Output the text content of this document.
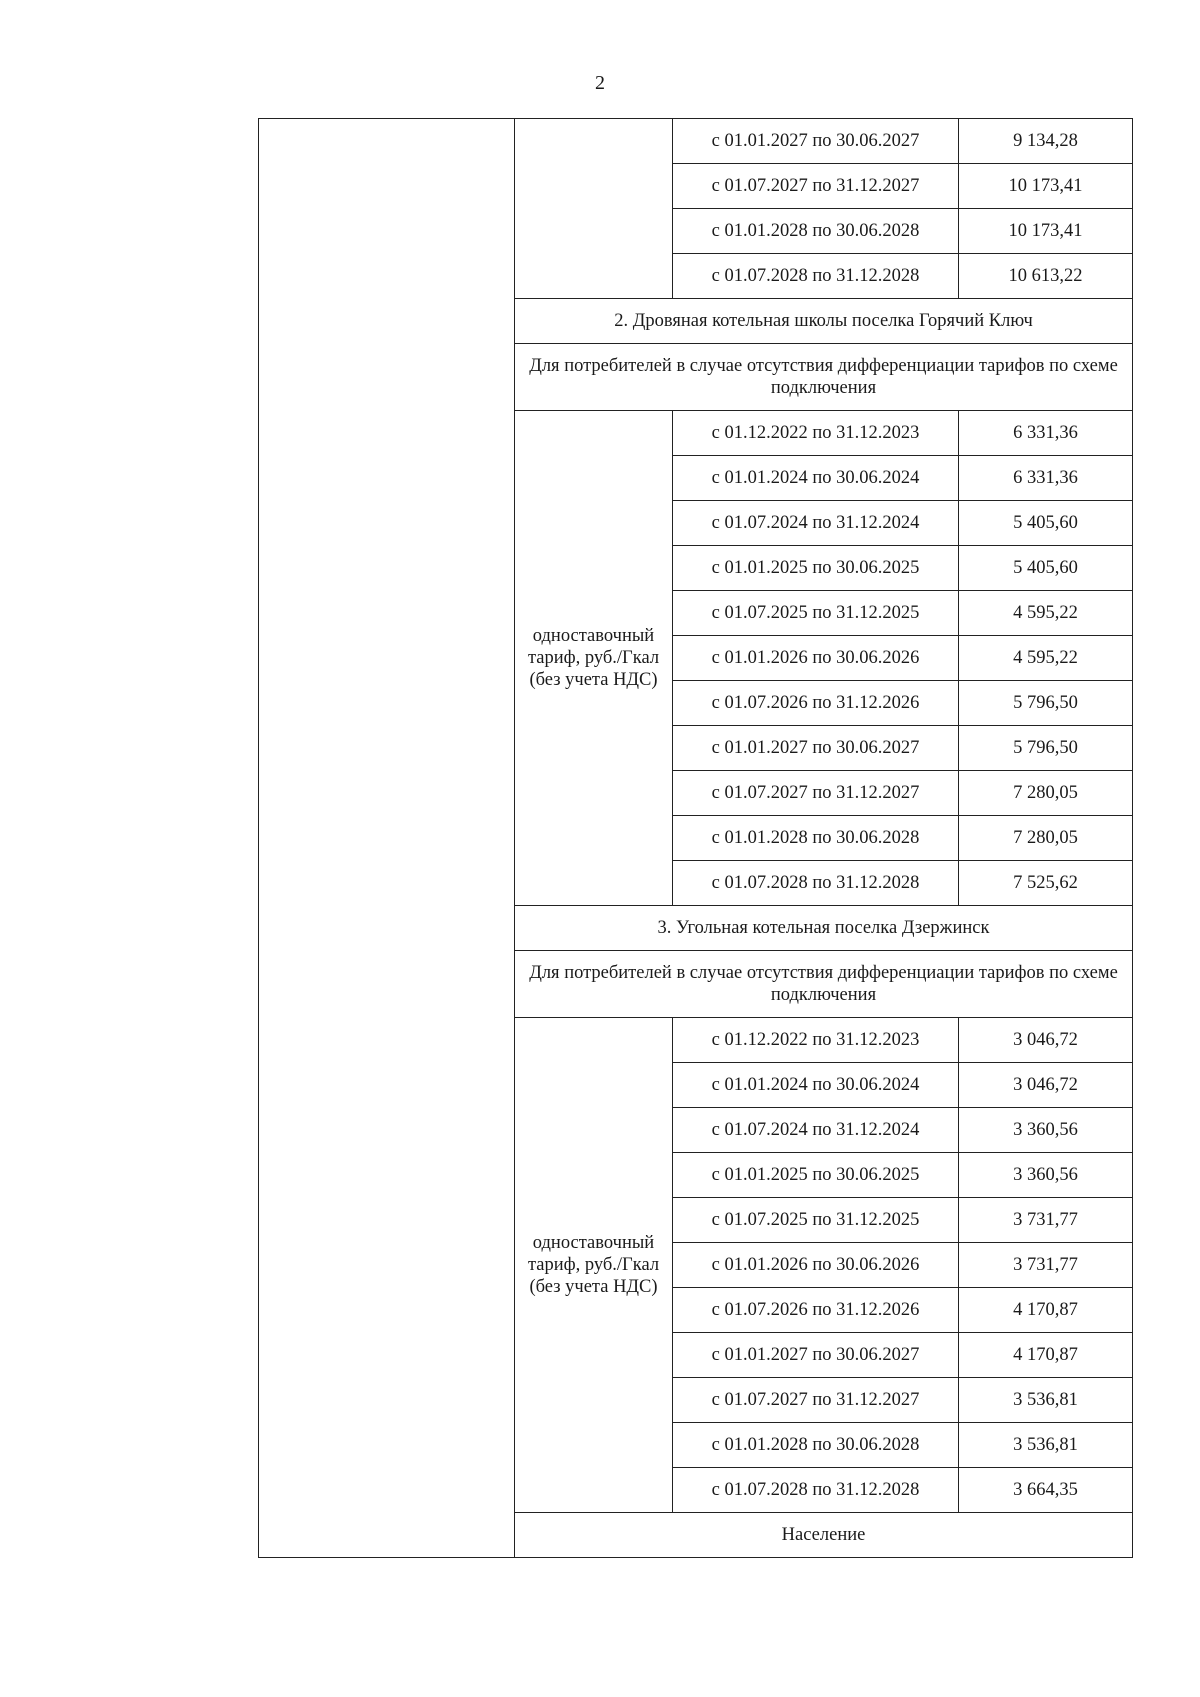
2
		с 01.01.2027 по 30.06.2027	9 134,28
		с 01.07.2027 по 31.12.2027	10 173,41
		с 01.01.2028 по 30.06.2028	10 173,41
		с 01.07.2028 по 31.12.2028	10 613,22
	2. Дровяная котельная школы поселка Горячий Ключ		
	Для потребителей в случае отсутствия дифференциации тарифов по схеме подключения		
	одноставочный тариф, руб./Гкал (без учета НДС)	с 01.12.2022 по 31.12.2023	6 331,36
		с 01.01.2024 по 30.06.2024	6 331,36
		с 01.07.2024 по 31.12.2024	5 405,60
		с 01.01.2025 по 30.06.2025	5 405,60
		с 01.07.2025 по 31.12.2025	4 595,22
		с 01.01.2026 по 30.06.2026	4 595,22
		с 01.07.2026 по 31.12.2026	5 796,50
		с 01.01.2027 по 30.06.2027	5 796,50
		с 01.07.2027 по 31.12.2027	7 280,05
		с 01.01.2028 по 30.06.2028	7 280,05
		с 01.07.2028 по 31.12.2028	7 525,62
	3. Угольная котельная поселка Дзержинск		
	Для потребителей в случае отсутствия дифференциации тарифов по схеме подключения		
	одноставочный тариф, руб./Гкал (без учета НДС)	с 01.12.2022 по 31.12.2023	3 046,72
		с 01.01.2024 по 30.06.2024	3 046,72
		с 01.07.2024 по 31.12.2024	3 360,56
		с 01.01.2025 по 30.06.2025	3 360,56
		с 01.07.2025 по 31.12.2025	3 731,77
		с 01.01.2026 по 30.06.2026	3 731,77
		с 01.07.2026 по 31.12.2026	4 170,87
		с 01.01.2027 по 30.06.2027	4 170,87
		с 01.07.2027 по 31.12.2027	3 536,81
		с 01.01.2028 по 30.06.2028	3 536,81
		с 01.07.2028 по 31.12.2028	3 664,35
	Население		
